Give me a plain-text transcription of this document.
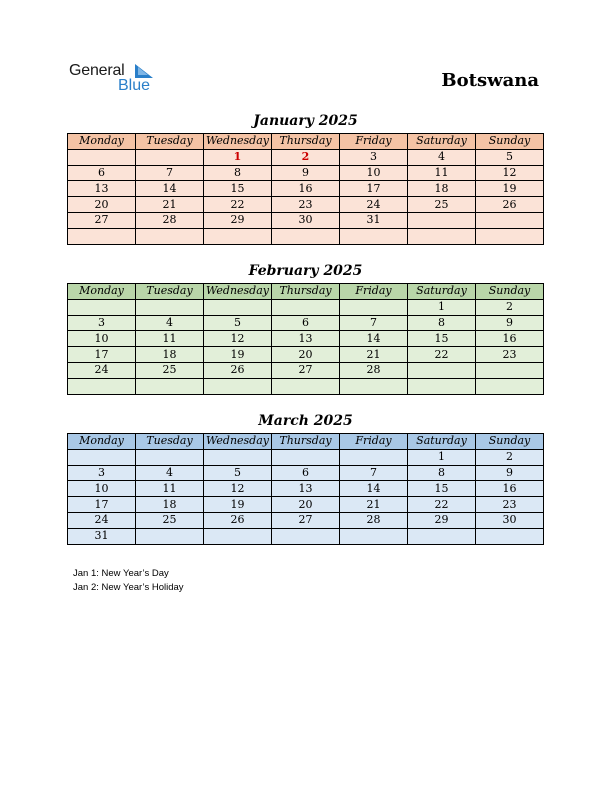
General
Blue	Botswana
January 2025
Monday	Tuesday	Wednesday	Thursday	Friday	Saturday	Sunday
		1	2	3	4	5
6	7	8	9	10	11	12
13	14	15	16	17	18	19
20	21	22	23	24	25	26
27	28	29	30	31		

February 2025
Monday	Tuesday	Wednesday	Thursday	Friday	Saturday	Sunday
					1	2
3	4	5	6	7	8	9
10	11	12	13	14	15	16
17	18	19	20	21	22	23
24	25	26	27	28		

March 2025
Monday	Tuesday	Wednesday	Thursday	Friday	Saturday	Sunday
					1	2
3	4	5	6	7	8	9
10	11	12	13	14	15	16
17	18	19	20	21	22	23
24	25	26	27	28	29	30
31						
Jan 1: New Year’s Day
Jan 2: New Year’s Holiday
